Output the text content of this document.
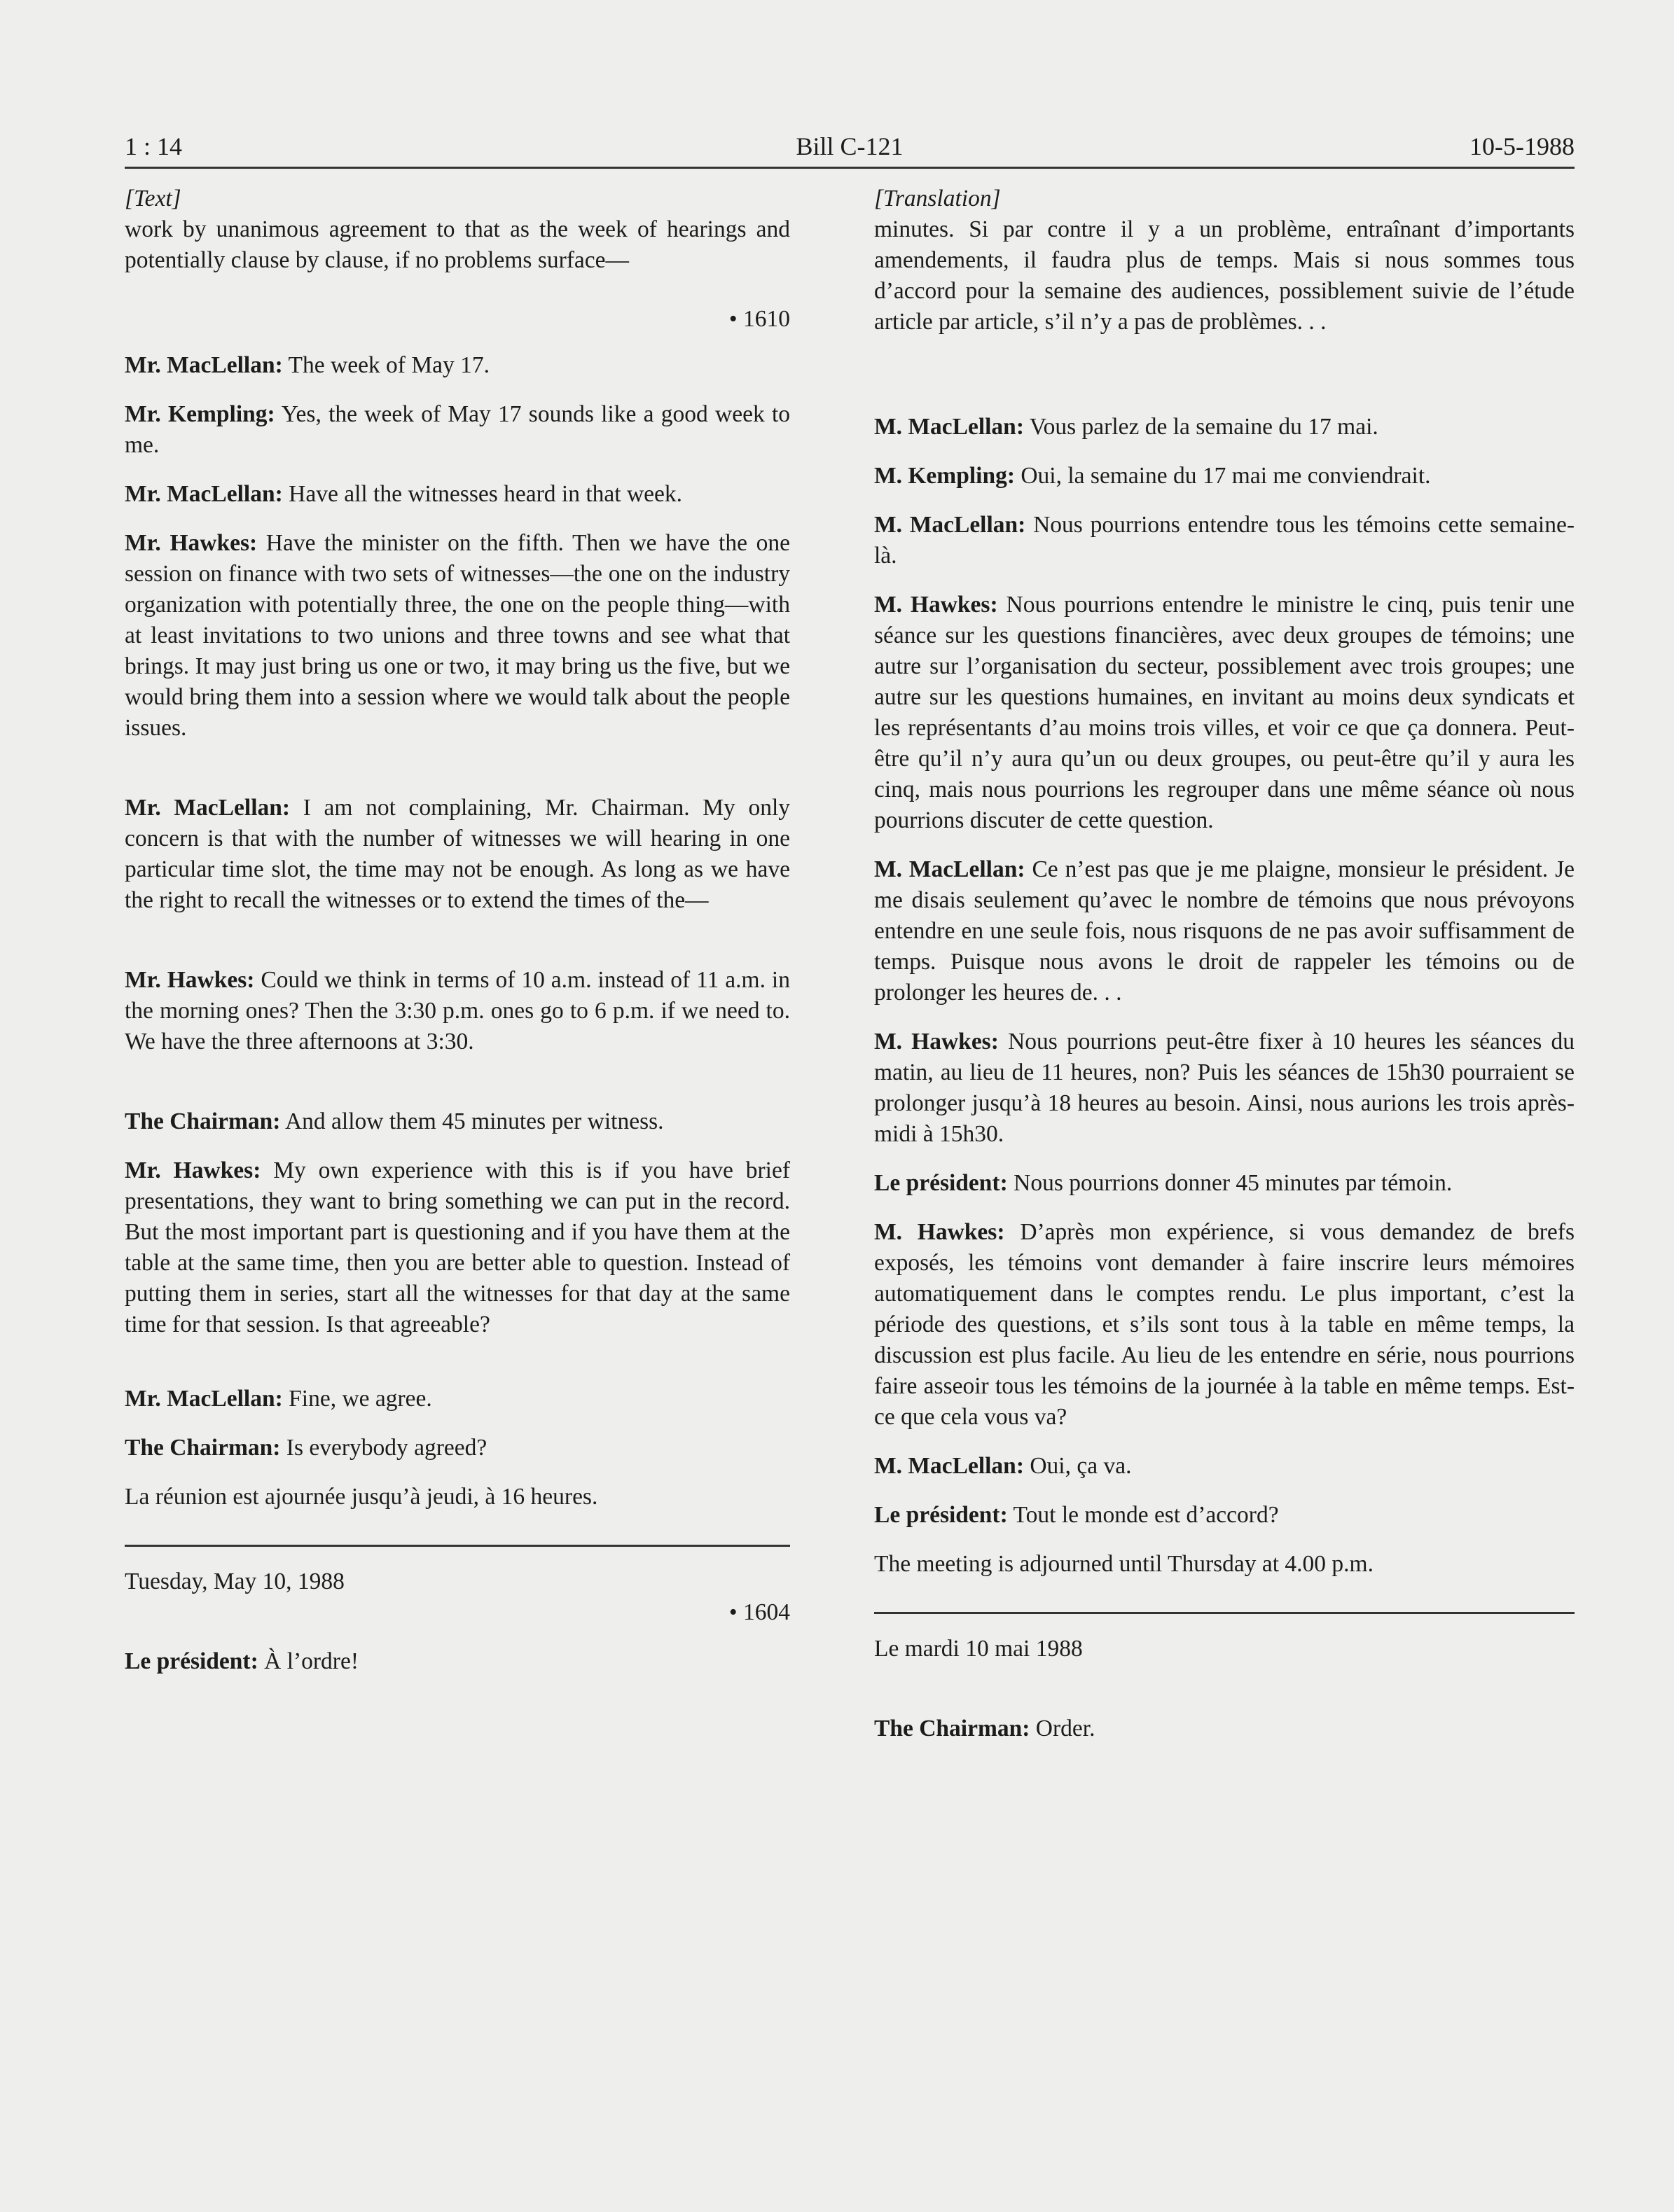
1 : 14	Bill C-121	10-5-1988

[Text]

work by unanimous agreement to that as the week of hearings and potentially clause by clause, if no problems surface—

• 1610

Mr. MacLellan: The week of May 17.

Mr. Kempling: Yes, the week of May 17 sounds like a good week to me.

Mr. MacLellan: Have all the witnesses heard in that week.

Mr. Hawkes: Have the minister on the fifth. Then we have the one session on finance with two sets of witnesses—the one on the industry organization with potentially three, the one on the people thing—with at least invitations to two unions and three towns and see what that brings. It may just bring us one or two, it may bring us the five, but we would bring them into a session where we would talk about the people issues.

Mr. MacLellan: I am not complaining, Mr. Chairman. My only concern is that with the number of witnesses we will hearing in one particular time slot, the time may not be enough. As long as we have the right to recall the witnesses or to extend the times of the—

Mr. Hawkes: Could we think in terms of 10 a.m. instead of 11 a.m. in the morning ones? Then the 3:30 p.m. ones go to 6 p.m. if we need to. We have the three afternoons at 3:30.

The Chairman: And allow them 45 minutes per witness.

Mr. Hawkes: My own experience with this is if you have brief presentations, they want to bring something we can put in the record. But the most important part is questioning and if you have them at the table at the same time, then you are better able to question. Instead of putting them in series, start all the witnesses for that day at the same time for that session. Is that agreeable?

Mr. MacLellan: Fine, we agree.

The Chairman: Is everybody agreed?

La réunion est ajournée jusqu’à jeudi, à 16 heures.

Tuesday, May 10, 1988

• 1604

Le président: À l’ordre!

[Translation]

minutes. Si par contre il y a un problème, entraînant d’importants amendements, il faudra plus de temps. Mais si nous sommes tous d’accord pour la semaine des audiences, possiblement suivie de l’étude article par article, s’il n’y a pas de problèmes. . .

M. MacLellan: Vous parlez de la semaine du 17 mai.

M. Kempling: Oui, la semaine du 17 mai me conviendrait.

M. MacLellan: Nous pourrions entendre tous les témoins cette semaine-là.

M. Hawkes: Nous pourrions entendre le ministre le cinq, puis tenir une séance sur les questions financières, avec deux groupes de témoins; une autre sur l’organisation du secteur, possiblement avec trois groupes; une autre sur les questions humaines, en invitant au moins deux syndicats et les représentants d’au moins trois villes, et voir ce que ça donnera. Peut-être qu’il n’y aura qu’un ou deux groupes, ou peut-être qu’il y aura les cinq, mais nous pourrions les regrouper dans une même séance où nous pourrions discuter de cette question.

M. MacLellan: Ce n’est pas que je me plaigne, monsieur le président. Je me disais seulement qu’avec le nombre de témoins que nous prévoyons entendre en une seule fois, nous risquons de ne pas avoir suffisamment de temps. Puisque nous avons le droit de rappeler les témoins ou de prolonger les heures de. . .

M. Hawkes: Nous pourrions peut-être fixer à 10 heures les séances du matin, au lieu de 11 heures, non? Puis les séances de 15h30 pourraient se prolonger jusqu’à 18 heures au besoin. Ainsi, nous aurions les trois après-midi à 15h30.

Le président: Nous pourrions donner 45 minutes par témoin.

M. Hawkes: D’après mon expérience, si vous demandez de brefs exposés, les témoins vont demander à faire inscrire leurs mémoires automatiquement dans le comptes rendu. Le plus important, c’est la période des questions, et s’ils sont tous à la table en même temps, la discussion est plus facile. Au lieu de les entendre en série, nous pourrions faire asseoir tous les témoins de la journée à la table en même temps. Est-ce que cela vous va?

M. MacLellan: Oui, ça va.

Le président: Tout le monde est d’accord?

The meeting is adjourned until Thursday at 4.00 p.m.

Le mardi 10 mai 1988

The Chairman: Order.
